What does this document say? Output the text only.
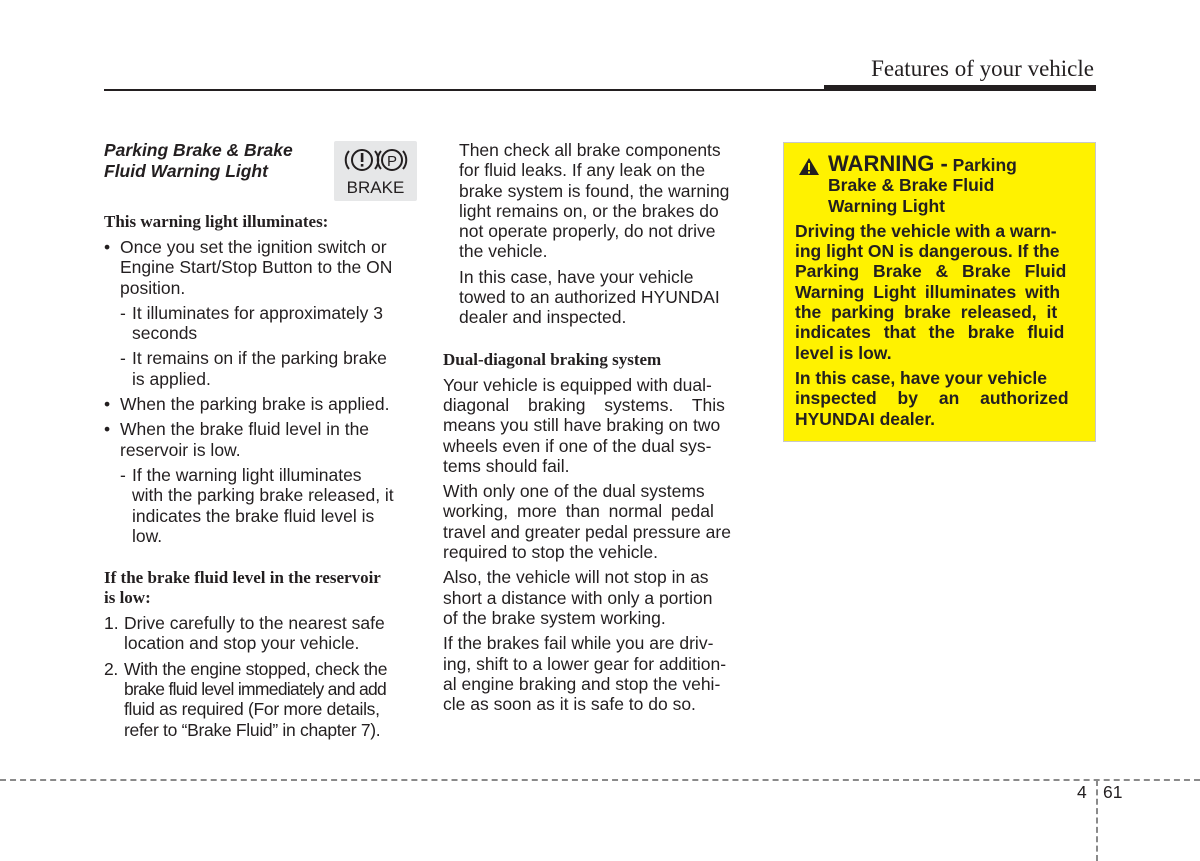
Features of your vehicle
Parking Brake & Brake
Fluid Warning Light	P
BRAKE
This warning light illuminates:
• Once you set the ignition switch or
Engine Start/Stop Button to the ON
position.
- It illuminates for approximately 3
seconds
- It remains on if the parking brake
is applied.
• When the parking brake is applied.
• When the brake fluid level in the
reservoir is low.
- If the warning light illuminates
with the parking brake released, it
indicates the brake fluid level is
low.
If the brake fluid level in the reservoir
is low:
1. Drive carefully to the nearest safe
location and stop your vehicle.
2. With the engine stopped, check the
brake fluid level immediately and add
fluid as required (For more details,
refer to “Brake Fluid” in chapter 7).
Then check all brake components
for fluid leaks. If any leak on the
brake system is found, the warning
light remains on, or the brakes do
not operate properly, do not drive
the vehicle.
In this case, have your vehicle
towed to an authorized HYUNDAI
dealer and inspected.
Dual-diagonal braking system
Your vehicle is equipped with dual-
diagonal braking systems. This
means you still have braking on two
wheels even if one of the dual sys-
tems should fail.
With only one of the dual systems
working, more than normal pedal
travel and greater pedal pressure are
required to stop the vehicle.
Also, the vehicle will not stop in as
short a distance with only a portion
of the brake system working.
If the brakes fail while you are driv-
ing, shift to a lower gear for addition-
al engine braking and stop the vehi-
cle as soon as it is safe to do so.
WARNING - Parking
Brake & Brake Fluid
Warning Light
Driving the vehicle with a warn-
ing light ON is dangerous. If the
Parking Brake & Brake Fluid
Warning Light illuminates with
the parking brake released, it
indicates that the brake fluid
level is low.
In this case, have your vehicle
inspected by an authorized
HYUNDAI dealer.
4 61
